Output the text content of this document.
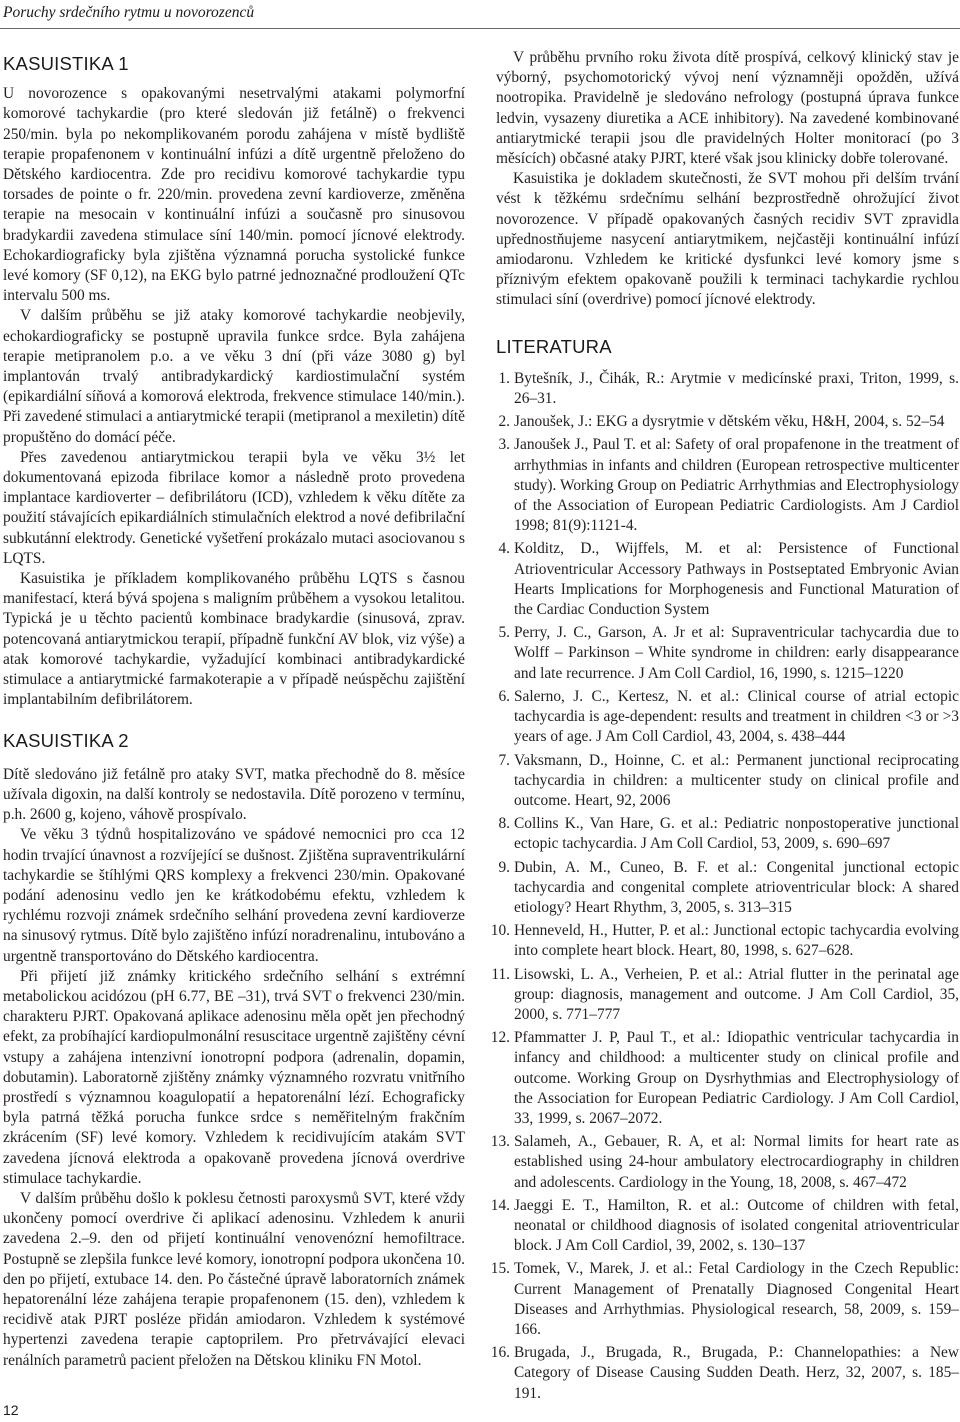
Poruchy srdečního rytmu u novorozenců
KASUISTIKA 1

U novorozence s opakovanými nesetrvalými atakami polymorfní komorové tachykardie (pro které sledován již fetálně) o frekvenci 250/min. byla po nekomplikovaném porodu zahájena v místě bydliště terapie propafenonem v kontinuální infúzi a dítě urgentně přeloženo do Dětského kardiocentra. Zde pro recidivu komorové tachykardie typu torsades de pointe o fr. 220/min. provedena zevní kardioverze, změněna terapie na mesocain v kontinuální infúzi a současně pro sinusovou bradykardii zavedena stimulace síní 140/min. pomocí jícnové elektrody. Echokardiograficky byla zjištěna významná porucha systolické funkce levé komory (SF 0,12), na EKG bylo patrné jednoznačné prodloužení QTc intervalu 500 ms.

V dalším průběhu se již ataky komorové tachykardie neobjevily, echokardiograficky se postupně upravila funkce srdce. Byla zahájena terapie metipranolem p.o. a ve věku 3 dní (při váze 3080 g) byl implantován trvalý antibradykardický kardiostimulační systém (epikardiální síňová a komorová elektroda, frekvence stimulace 140/min.). Při zavedené stimulaci a antiarytmické terapii (metipranol a mexiletin) dítě propuštěno do domácí péče.

Přes zavedenou antiarytmickou terapii byla ve věku 3½ let dokumentovaná epizoda fibrilace komor a následně proto provedena implantace kardioverter – defibrilátoru (ICD), vzhledem k věku dítěte za použití stávajících epikardiálních stimulačních elektrod a nové defibrilační subkutánní elektrody. Genetické vyšetření prokázalo mutaci asociovanou s LQTS.

Kasuistika je příkladem komplikovaného průběhu LQTS s časnou manifestací, která bývá spojena s maligním průběhem a vysokou letalitou. Typická je u těchto pacientů kombinace bradykardie (sinusová, zprav. potencovaná antiarytmickou terapií, případně funkční AV blok, viz výše) a atak komorové tachykardie, vyžadující kombinaci antibradykardické stimulace a antiarytmické farmakoterapie a v případě neúspěchu zajištění implantabilním defibrilátorem.

KASUISTIKA 2

Dítě sledováno již fetálně pro ataky SVT, matka přechodně do 8. měsíce užívala digoxin, na další kontroly se nedostavila. Dítě porozeno v termínu, p.h. 2600 g, kojeno, váhově prospívalo.

Ve věku 3 týdnů hospitalizováno ve spádové nemocnici pro cca 12 hodin trvající únavnost a rozvíjející se dušnost. Zjištěna supraventrikulární tachykardie se štíhlými QRS komplexy a frekvenci 230/min. Opakované podání adenosinu vedlo jen ke krátkodobému efektu, vzhledem k rychlému rozvoji známek srdečního selhání provedena zevní kardioverze na sinusový rytmus. Dítě bylo zajištěno infúzí noradrenalinu, intubováno a urgentně transportováno do Dětského kardiocentra.

Při přijetí již známky kritického srdečního selhání s extrémní metabolickou acidózou (pH 6.77, BE –31), trvá SVT o frekvenci 230/min. charakteru PJRT. Opakovaná aplikace adenosinu měla opět jen přechodný efekt, za probíhající kardiopulmonální resuscitace urgentně zajištěny cévní vstupy a zahájena intenzivní ionotropní podpora (adrenalin, dopamin, dobutamin). Laboratorně zjištěny známky významného rozvratu vnitřního prostředí s významnou koagulopatií a hepatorenální lézí. Echograficky byla patrná těžká porucha funkce srdce s neměřitelným frakčním zkrácením (SF) levé komory. Vzhledem k recidivujícím atakám SVT zavedena jícnová elektroda a opakovaně provedena jícnová overdrive stimulace tachykardie.

V dalším průběhu došlo k poklesu četnosti paroxysmů SVT, které vždy ukončeny pomocí overdrive či aplikací adenosinu. Vzhledem k anurii zavedena 2.–9. den od přijetí kontinuální venovenózní hemofiltrace. Postupně se zlepšila funkce levé komory, ionotropní podpora ukončena 10. den po přijetí, extubace 14. den. Po částečné úpravě laboratorních známek hepatorenální léze zahájena terapie propafenonem (15. den), vzhledem k recidivě atak PJRT posléze přidán amiodaron. Vzhledem k systémové hypertenzi zavedena terapie captoprilem. Pro přetrvávající elevaci renálních parametrů pacient přeložen na Dětskou kliniku FN Motol.

V průběhu prvního roku života dítě prospívá, celkový klinický stav je výborný, psychomotorický vývoj není významněji opožděn, užívá nootropika. Pravidelně je sledováno nefrology (postupná úprava funkce ledvin, vysazeny diuretika a ACE inhibitory). Na zavedené kombinované antiarytmické terapii jsou dle pravidelných Holter monitorací (po 3 měsících) občasné ataky PJRT, které však jsou klinicky dobře tolerované.

Kasuistika je dokladem skutečnosti, že SVT mohou při delším trvání vést k těžkému srdečnímu selhání bezprostředně ohrožující život novorozence. V případě opakovaných časných recidiv SVT zpravidla upřednostňujeme nasycení antiarytmikem, nejčastěji kontinuální infúzí amiodaronu. Vzhledem ke kritické dysfunkci levé komory jsme s příznivým efektem opakovaně použili k terminaci tachykardie rychlou stimulaci síní (overdrive) pomocí jícnové elektrody.

LITERATURA
1. Bytešník, J., Čihák, R.: Arytmie v medicínské praxi, Triton, 1999, s. 26–31.
2. Janoušek, J.: EKG a dysrytmie v dětském věku, H&H, 2004, s. 52–54
3. Janoušek J., Paul T. et al: Safety of oral propafenone in the treatment of arrhythmias in infants and children (European retrospective multicenter study). Working Group on Pediatric Arrhythmias and Electrophysiology of the Association of European Pediatric Cardiologists. Am J Cardiol 1998; 81(9):1121-4.
4. Kolditz, D., Wijffels, M. et al: Persistence of Functional Atrioventricular Accessory Pathways in Postseptated Embryonic Avian Hearts Implications for Morphogenesis and Functional Maturation of the Cardiac Conduction System
5. Perry, J. C., Garson, A. Jr et al: Supraventricular tachycardia due to Wolff – Parkinson – White syndrome in children: early disappearance and late recurrence. J Am Coll Cardiol, 16, 1990, s. 1215–1220
6. Salerno, J. C., Kertesz, N. et al.: Clinical course of atrial ectopic tachycardia is age-dependent: results and treatment in children <3 or >3 years of age. J Am Coll Cardiol, 43, 2004, s. 438–444
7. Vaksmann, D., Hoinne, C. et al.: Permanent junctional reciprocating tachycardia in children: a multicenter study on clinical profile and outcome. Heart, 92, 2006
8. Collins K., Van Hare, G. et al.: Pediatric nonpostoperative junctional ectopic tachycardia. J Am Coll Cardiol, 53, 2009, s. 690–697
9. Dubin, A. M., Cuneo, B. F. et al.: Congenital junctional ectopic tachycardia and congenital complete atrioventricular block: A shared etiology? Heart Rhythm, 3, 2005, s. 313–315
10. Henneveld, H., Hutter, P. et al.: Junctional ectopic tachycardia evolving into complete heart block. Heart, 80, 1998, s. 627–628.
11. Lisowski, L. A., Verheien, P. et al.: Atrial flutter in the perinatal age group: diagnosis, management and outcome. J Am Coll Cardiol, 35, 2000, s. 771–777
12. Pfammatter J. P, Paul T., et al.: Idiopathic ventricular tachycardia in infancy and childhood: a multicenter study on clinical profile and outcome. Working Group on Dysrhythmias and Electrophysiology of the Association for European Pediatric Cardiology. J Am Coll Cardiol, 33, 1999, s. 2067–2072.
13. Salameh, A., Gebauer, R. A, et al: Normal limits for heart rate as established using 24-hour ambulatory electrocardiography in children and adolescents. Cardiology in the Young, 18, 2008, s. 467–472
14. Jaeggi E. T., Hamilton, R. et al.: Outcome of children with fetal, neonatal or childhood diagnosis of isolated congenital atrioventricular block. J Am Coll Cardiol, 39, 2002, s. 130–137
15. Tomek, V., Marek, J. et al.: Fetal Cardiology in the Czech Republic: Current Management of Prenatally Diagnosed Congenital Heart Diseases and Arrhythmias. Physiological research, 58, 2009, s. 159–166.
16. Brugada, J., Brugada, R., Brugada, P.: Channelopathies: a New Category of Disease Causing Sudden Death. Herz, 32, 2007, s. 185–191.
12
